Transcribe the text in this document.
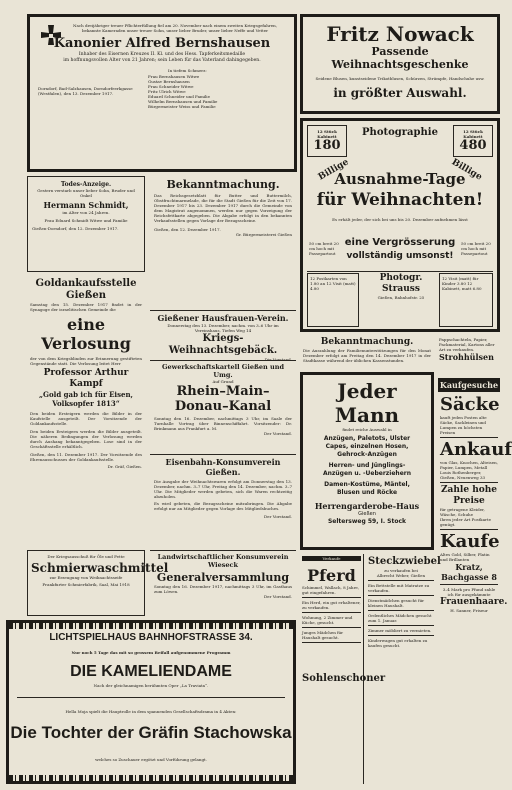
Nach dreijähriger treuer Pflichterfüllung fiel am 20. November nach einem zweiten Kriegsgefahren, bekannte Kameraden unser treuer Sohn, unser lieber Bruder, unser lieber Neffe und Vetter

Kanonier Alfred Bernshausen

Inhaber des Eisernen Kreuzes II. Kl. und des Hess. Tapferkeitsmedaille

im hoffnungsvollen Alter von 21 Jahren; sein Leben für das Vaterland dahingegeben.

In tiefem Schmerz:

Dorndorf, Bad-Salzhausen, Dorndorfeerkgasse (Westfalen), den 13. Dezember 1917.

Frau Bernshausen Witwe

Gustav Bernshausen

Frau Schneider Witwe

Fritz Ulrich Witwe

Eduard Schneider und Familie

Wilhelm Bernshausen und Familie

Bürgermeister Weiss und Familie

Fritz Nowack

Passende Weihnachtsgeschenke

Seidene Blusen, kunstseidene Trikotblusen, Schürzen, Strümpfe, Handschuhe usw.

in größter Auswahl.

12 Stück Kabinett
180
12 Stück Kabinett
480

Photographie

Billige	Billige

Ausnahme-Tage

für Weihnachten!

Es erhält jeder, der sich bei uns bis 20. Dezember aufnehmen lässt

50 cm breit 20 cm hoch mit Passepartout

50 cm breit 20 cm hoch mit Passepartout

eine Vergrösserung

vollständig umsonst!

12 Postkarten von 1.80 an 12 Visit (matt) 4.80

Photogr. Strauss

Gießen, Bahnhofstr. 25

12 Visit (matt) für Kinder 3.80 12 Kabinett, matt 6.80

Todes-Anzeige.

Gestern verstarb unser lieber Sohn, Bruder und Onkel

Hermann Schmidt,

im Alter von 24 Jahren.

Frau Eduard Schmidt Witwe und Familie

Gießen-Dorndorf, den 12. Dezember 1917.

Bekanntmachung.

Das Reichsgesetzblatt für Butter und Buttermilch, Obstfruchtmarmelade, die für die Stadt Gießen für die Zeit von 17. Dezember 1917 bis 23. Dezember 1917 durch die Gemeinde von dem Magistrat angenommen, werden nur gegen Vorzeigung der Reichsfettkarte abgegeben. Die Abgabe erfolgt in den bekannten Verkaufsstellen gegen Vorlage der Bezugsscheine.

Gießen, den 12. Dezember 1917.

Gr. Bürgermeisterei Gießen

Goldankaufsstelle Gießen

Samstag den 15. Dezember 1917 findet in der Synagoge der israelitischen Gemeinde die

eine Verlosung

der von dem Kriegsblinden zur Erinnerung gestifteten Gegenstände statt. Die Verlosung leitet Herr

Professor Arthur Kampf

„Gold gab ich für Eisen, Volksopfer 1813“

Den beiden Ersteigern werden die Bilder in der Kaufstelle ausgeteilt. Der Vorsitzende der Goldankaufsstelle.

Den beiden Ersteigern werden die Bilder ausgeteilt. Die näheren Bedingungen der Verlosung werden durch Aushang bekanntgegeben. Lose sind in der Geschäftsstelle erhältlich.

Gießen, den 11. Dezember 1917. Der Vorsitzende des Ehrenausschusses der Goldankaufsstelle.

Dr. Gräf, Gießen.

Gießener Hausfrauen-Verein.

Donnerstag den 13. Dezember, nachm. von 3–6 Uhr im Vereinshaus, Tiefen Weg 14

Kriegs-Weihnachtsgebäck.

Die Vorstand.

Gewerkschaftskartell Gießen und Umg.

Auf Grund

Rhein–Main–

Donau–Kanal

Sonntag den 16. Dezember, nachmittags 3 Uhr, im Saale der Turnhalle Vortrag über Binnenschiffahrt. Vorsitzender: Dr. Brinkmann aus Frankfurt a. M.

Der Vorstand.

Eisenbahn-Konsumverein Gießen.

Die Ausgabe der Weihnachtswaren erfolgt am Donnerstag den 13. Dezember, nachm. 3–7 Uhr, Freitag den 14. Dezember, nachm. 3–7 Uhr. Die Mitglieder werden gebeten, sich die Waren rechtzeitig abzuholen.

Es wird gebeten, die Bezugsscheine mitzubringen. Die Abgabe erfolgt nur an Mitglieder gegen Vorlage des Mitgliedsbuches.

Der Vorstand.

Bekanntmachung.

Die Auszahlung der Familienunterstützungen für den Monat Dezember erfolgt am Freitag den 14. Dezember 1917 in der Stadtkasse während der üblichen Kassenstunden.

Jeder Mann

findet reiche Auswahl in

Anzügen, Paletots, Ulster

Capes, einzelnen Hosen,

Gehrock-Anzügen

Herren- und Jünglings-

Anzügen u. -Ueberziehern

Damen-Kostüme, Mäntel,

Blusen und Röcke

Herrengarderobe-Haus

Gießen

Seltersweg 59, I. Stock

Pappschachteln, Papier, Packmaterial, Kartons aller Art zu verkaufen.

Strohhülsen

Kaufgesuche

Säcke

kauft jeden Posten alte Säcke, Sackleinen und Lumpen zu höchsten Preisen

Ankauf

von Glas, Knochen, Alteisen, Papier, Lumpen, Metall

Louis Rothenberger, Gießen, Neuenweg 33

Zahle hohe Preise

für getragene Kleider, Wäsche, Schuhe

Ihren jeder Art Postkarte genügt.

Kaufe

Altes Gold, Silber, Platin und Brillanten

Kratz, Bachgasse 8

3–4 Mark pro Pfund zahle ich für ausgekämmte

Frauenhaare.

H. Sanner, Friseur

Der Kriegsausschuß für Öle und Fette

Schmierwaschmittel

zur Erzeugung von Weihnachtsseife

Frankfurter Schmierfabrik, Saal, Mai 1918

Landwirtschaftlicher Konsumverein Wieseck

Generalversammlung

Sonntag den 16. Dezember 1917, nachmittags 3 Uhr, im Gasthaus zum Löwen.

Der Vorstand.

Verkaufe

Pferd

Schimmel, Wallach, 8 Jahre, gut eingefahren.

Ein Herd, ein gut erhaltener, zu verkaufen.

Wohnung, 2 Zimmer und Küche, gesucht.

Junges Mädchen für Haushalt gesucht.

Sohlenschoner

Steckzwiebel

zu verkaufen bei

Albrecht Weber, Gießen

Ein Bettstelle mit Matratze zu verkaufen.

Dienstmädchen gesucht für kleinen Haushalt.

Ordentliches Mädchen gesucht zum 1. Januar.

Zimmer möbliert zu vermieten.

Kinderwagen gut erhalten zu kaufen gesucht.

LICHTSPIELHAUS BAHNHOFSTRASSE 34.

Nur noch 5 Tage das mit so grossem Beifall aufgenommene Programm

DIE KAMELIENDAME

Nach der gleichnamigen berühmten Oper „La Traviata“.

Hella Moja spielt die Hauptrolle in dem spannenden Gesellschaftsdrama in 4 Akten:

Die Tochter der Gräfin Stachowska

welches so Zuschauer ergötzt und Vorführung gelangt.
